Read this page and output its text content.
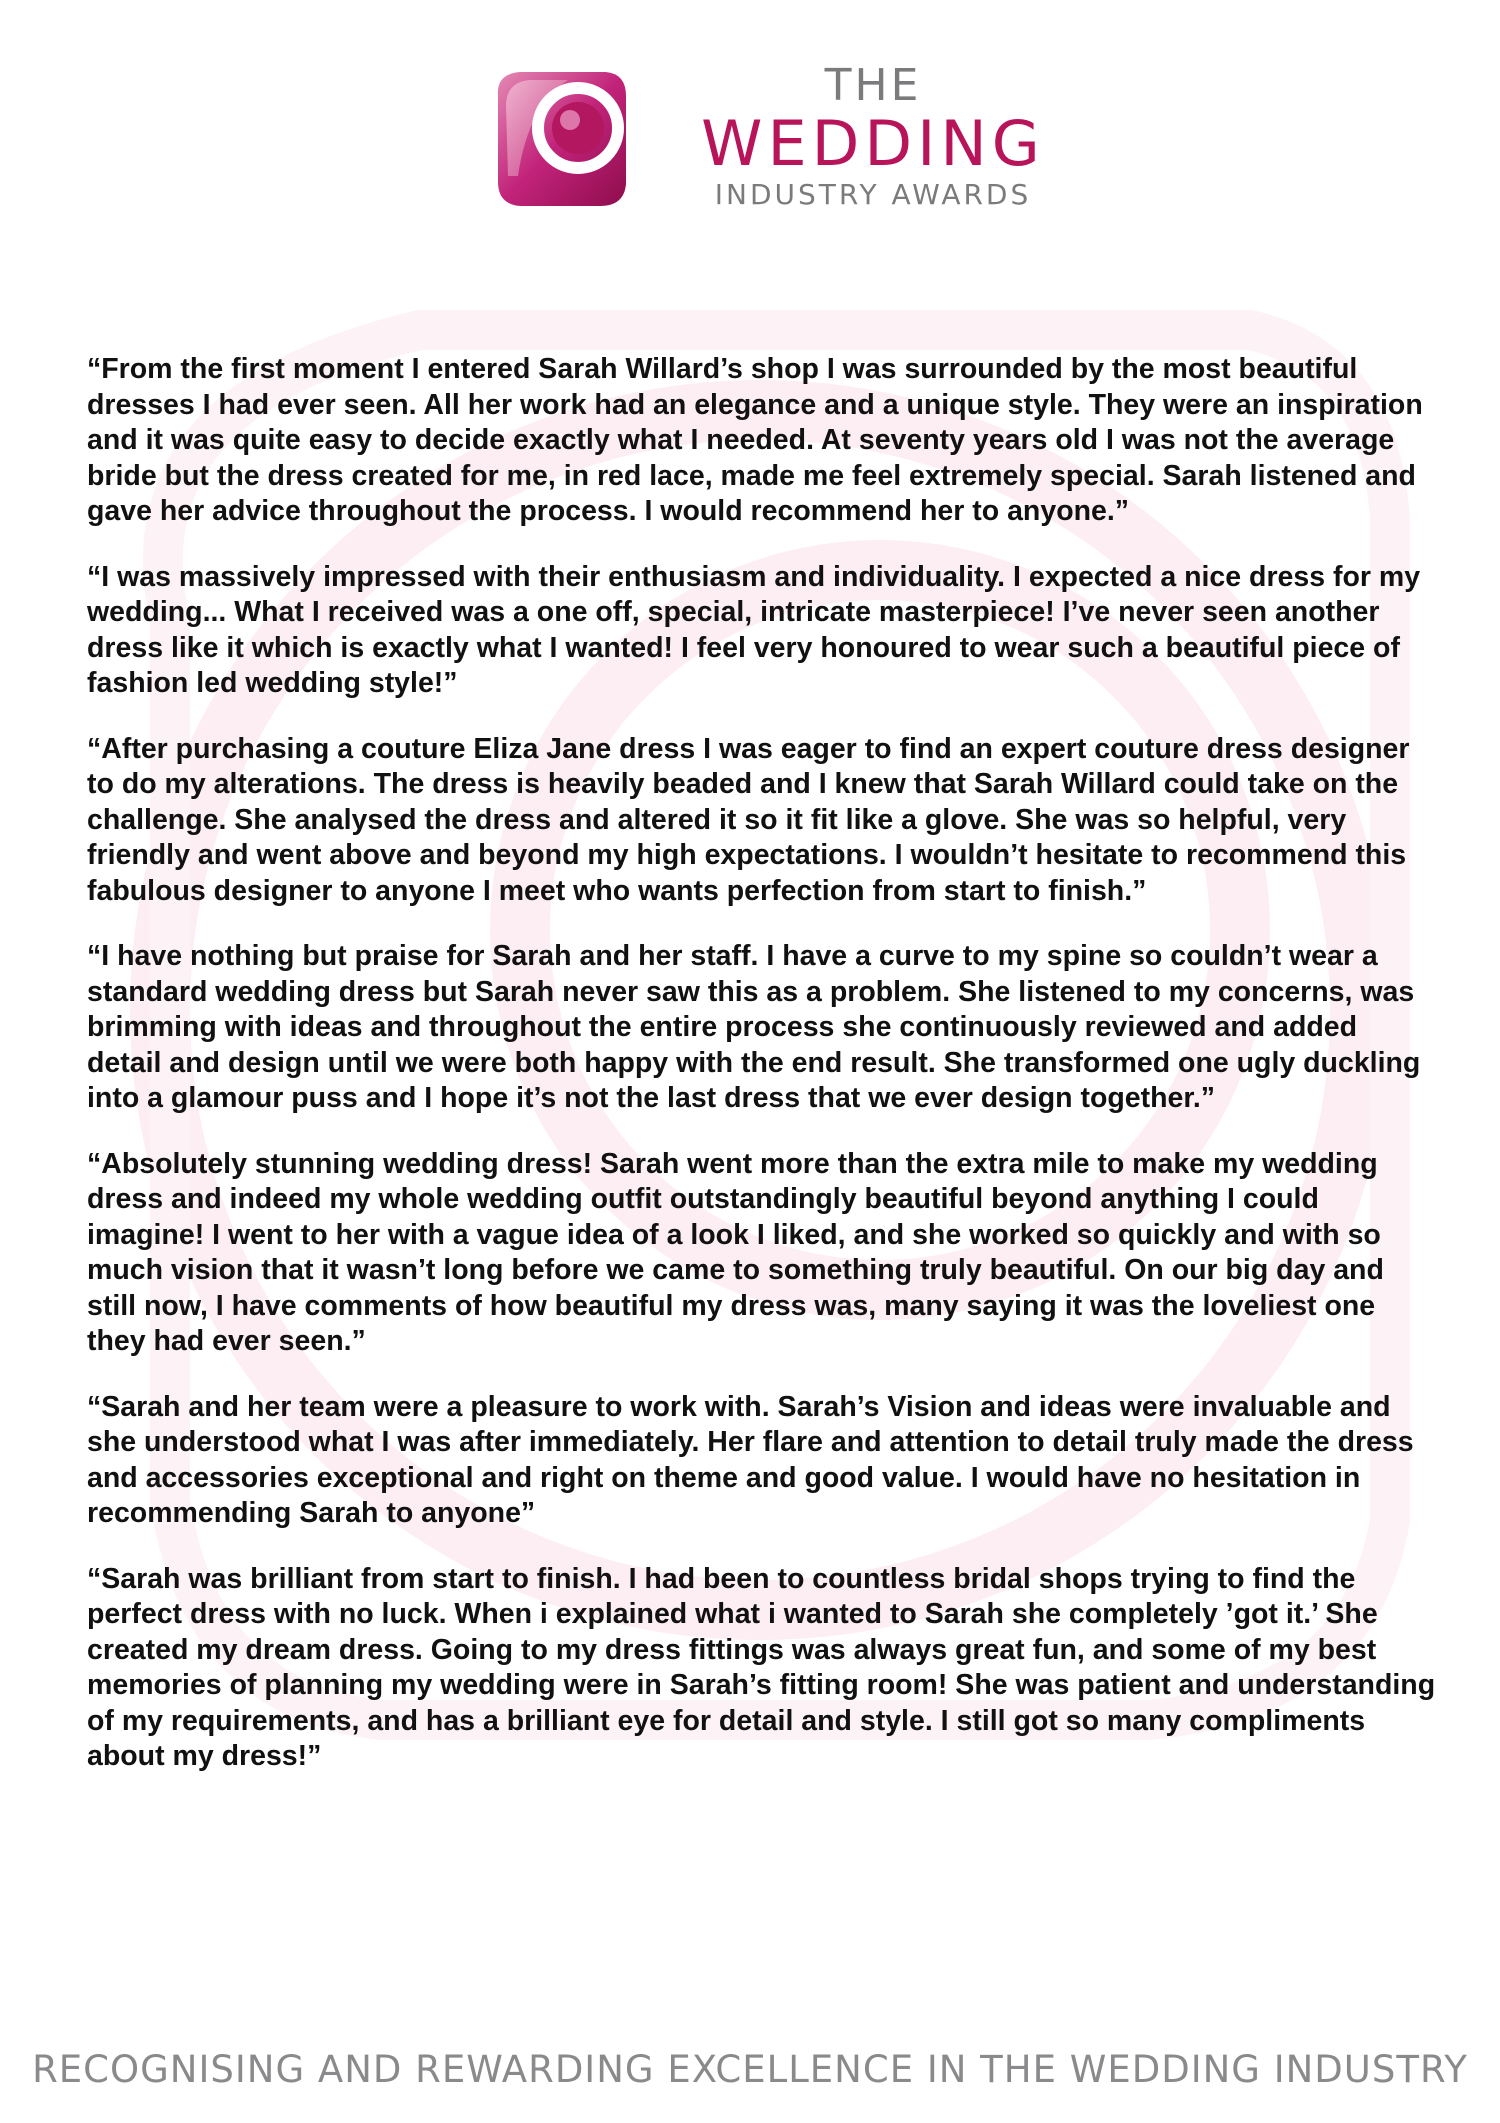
THE
WEDDING
INDUSTRY AWARDS

“From the first moment I entered Sarah Willard’s shop I was surrounded by the most beautiful dresses I had ever seen. All her work had an elegance and a unique style. They were an inspiration and it was quite easy to decide exactly what I needed. At seventy years old I was not the average bride but the dress created for me, in red lace, made me feel extremely special. Sarah listened and gave her advice throughout the process. I would recommend her to anyone.”

“I was massively impressed with their enthusiasm and individuality. I expected a nice dress for my wedding... What I received was a one off, special, intricate masterpiece! I’ve never seen another dress like it which is exactly what I wanted! I feel very honoured to wear such a beautiful piece of fashion led wedding style!”

“After purchasing a couture Eliza Jane dress I was eager to find an expert couture dress designer to do my alterations. The dress is heavily beaded and I knew that Sarah Willard could take on the challenge. She analysed the dress and altered it so it fit like a glove. She was so helpful, very friendly and went above and beyond my high expectations. I wouldn’t hesitate to recommend this fabulous designer to anyone I meet who wants perfection from start to finish.”

“I have nothing but praise for Sarah and her staff. I have a curve to my spine so couldn’t wear a standard wedding dress but Sarah never saw this as a problem. She listened to my concerns, was brimming with ideas and throughout the entire process she continuously reviewed and added detail and design until we were both happy with the end result. She transformed one ugly duckling into a glamour puss and I hope it’s not the last dress that we ever design together.”

“Absolutely stunning wedding dress! Sarah went more than the extra mile to make my wedding dress and indeed my whole wedding outfit outstandingly beautiful beyond anything I could imagine! I went to her with a vague idea of a look I liked, and she worked so quickly and with so much vision that it wasn’t long before we came to something truly beautiful. On our big day and still now, I have comments of how beautiful my dress was, many saying it was the loveliest one they had ever seen.”

“Sarah and her team were a pleasure to work with. Sarah’s Vision and ideas were invaluable and she understood what I was after immediately. Her flare and attention to detail truly made the dress and accessories exceptional and right on theme and good value. I would have no hesitation in recommending Sarah to anyone”

“Sarah was brilliant from start to finish. I had been to countless bridal shops trying to find the perfect dress with no luck. When i explained what i wanted to Sarah she completely ’got it.’ She created my dream dress. Going to my dress fittings was always great fun, and some of my best memories of planning my wedding were in Sarah’s fitting room! She was patient and understanding of my requirements, and has a brilliant eye for detail and style. I still got so many compliments about my dress!”

RECOGNISING AND REWARDING EXCELLENCE IN THE WEDDING INDUSTRY
